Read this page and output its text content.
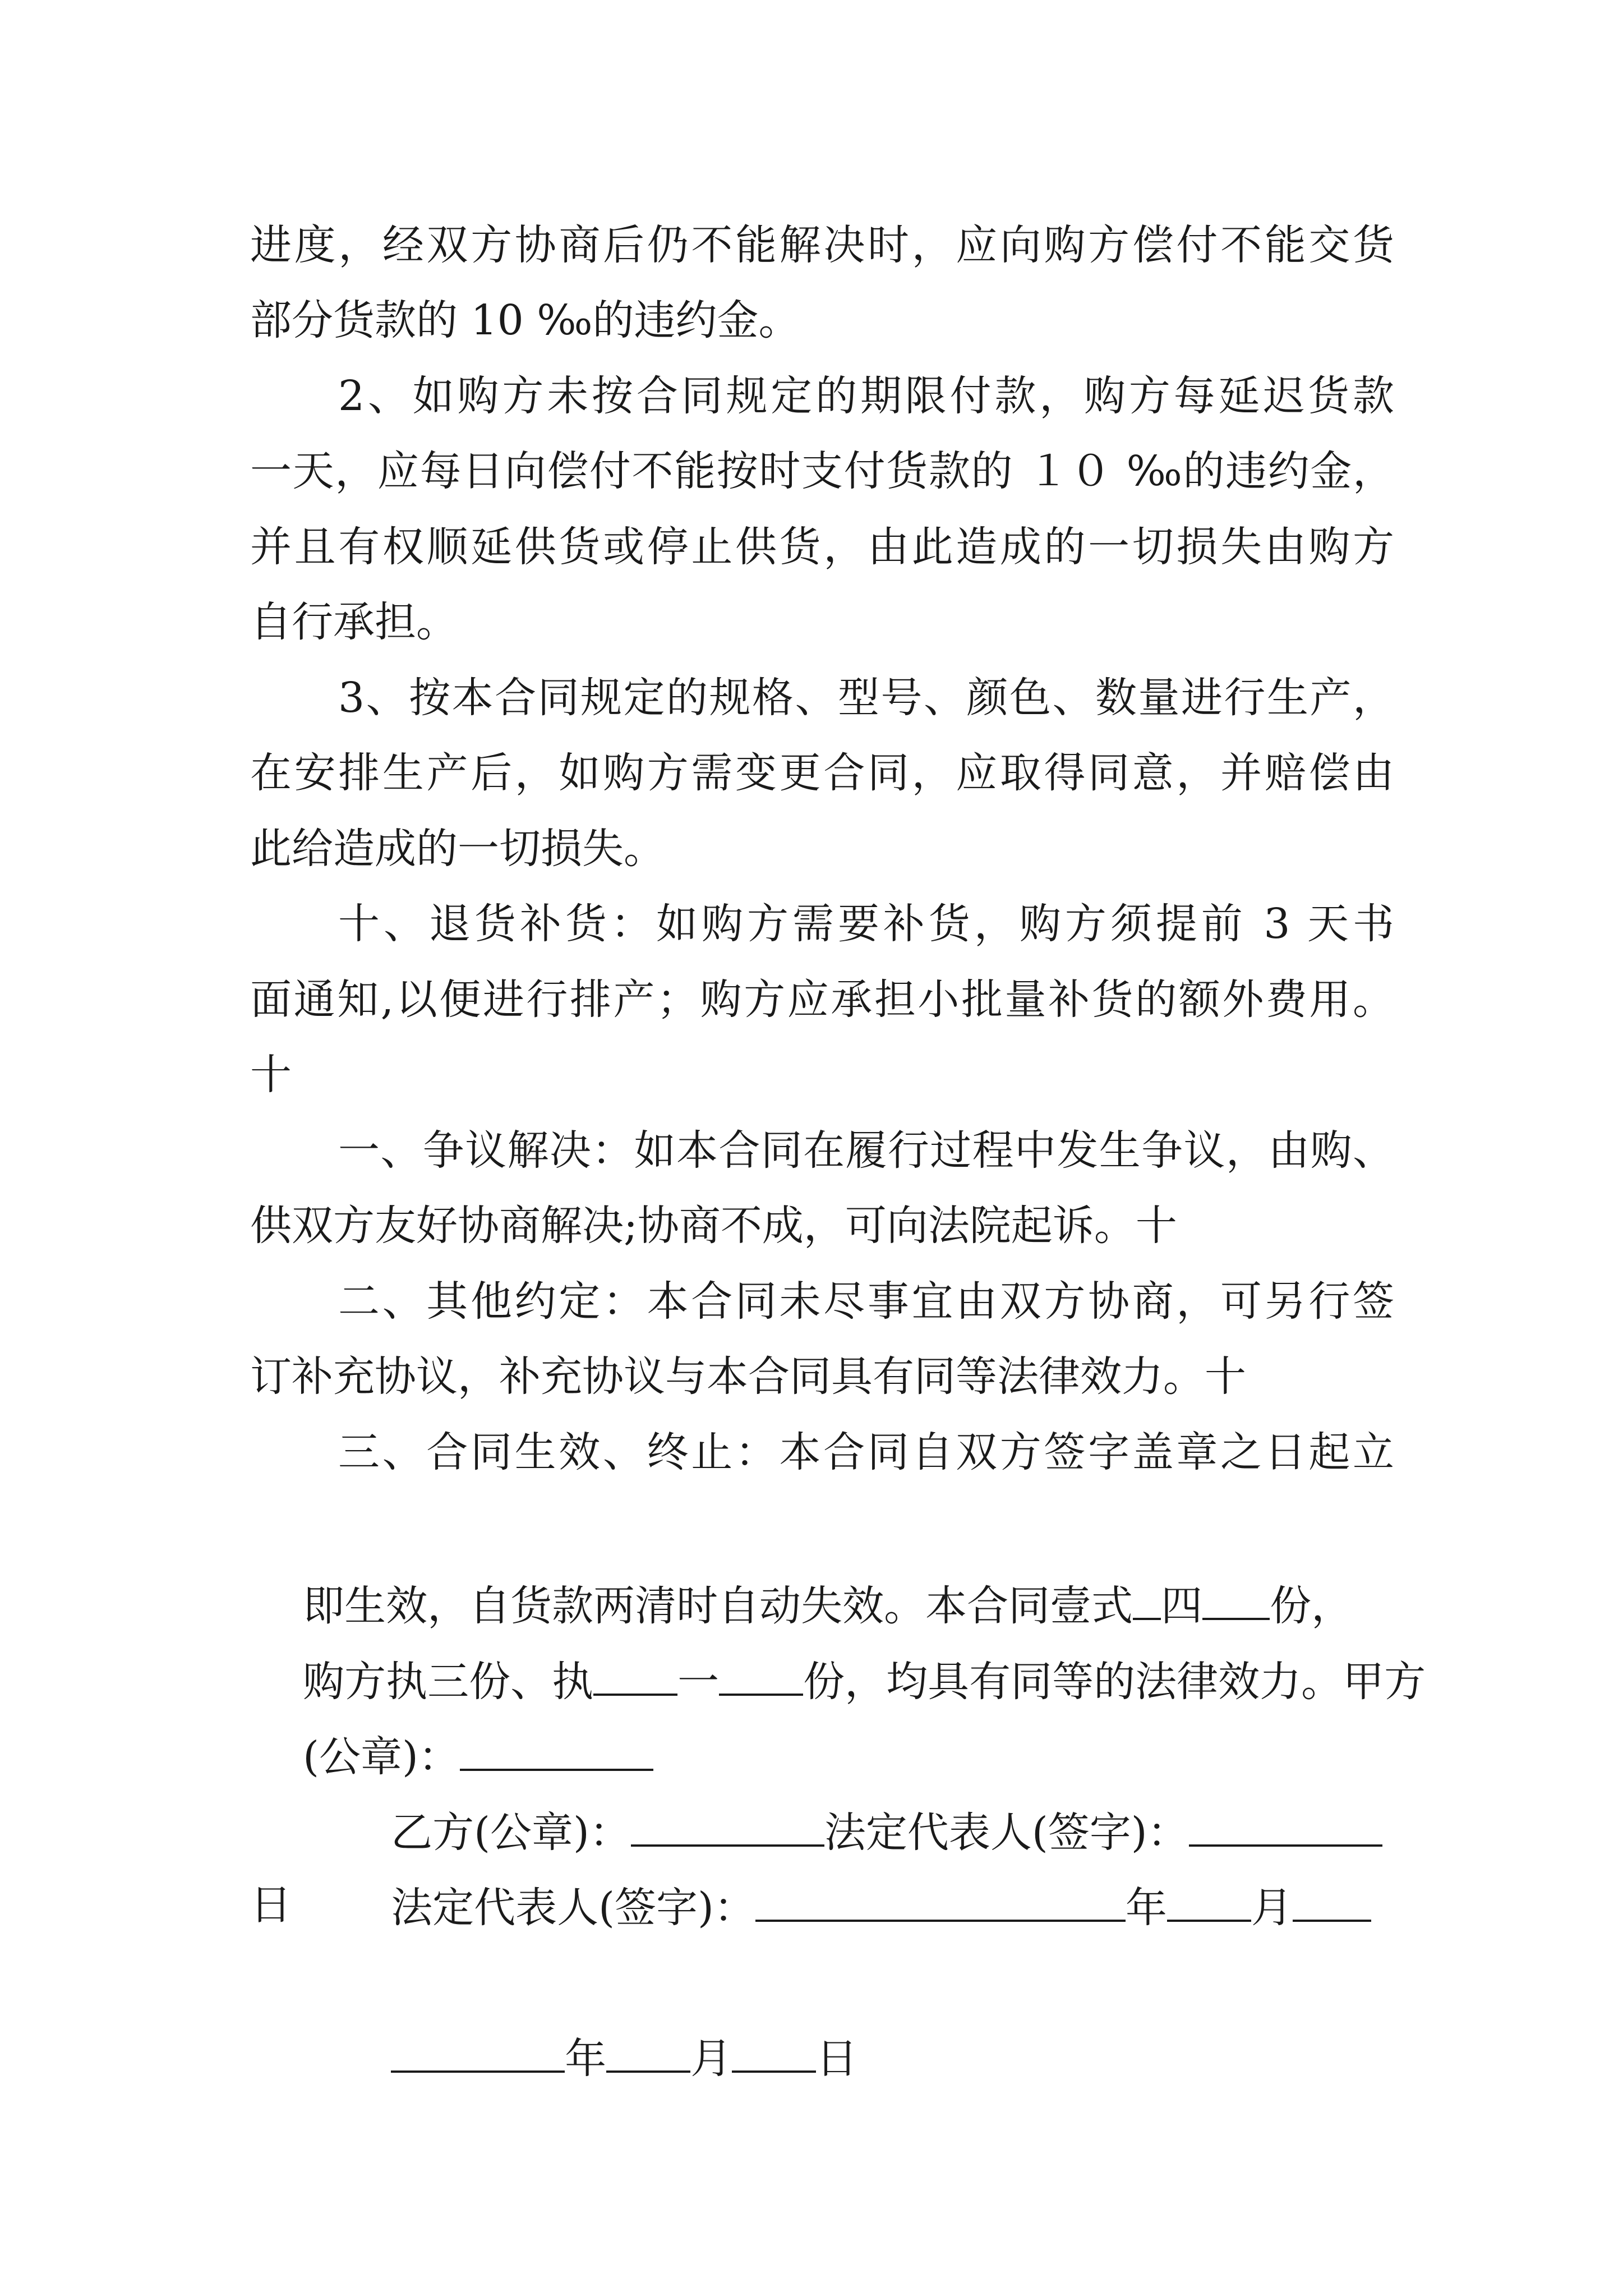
进度，经双方协商后仍不能解决时，应向购方偿付不能交货
部分货款的 10 ‰的违约金。
2、如购方未按合同规定的期限付款，购方每延迟货款
一天，应每日向偿付不能按时支付货款的 １０ ‰的违约金，
并且有权顺延供货或停止供货，由此造成的一切损失由购方
自行承担。
3、按本合同规定的规格、型号、颜色、数量进行生产，
在安排生产后，如购方需变更合同，应取得同意，并赔偿由
此给造成的一切损失。
十、退货补货：如购方需要补货，购方须提前 3 天书
面通知,以便进行排产；购方应承担小批量补货的额外费用。
十
一、争议解决：如本合同在履行过程中发生争议，由购、
供双方友好协商解决;协商不成，可向法院起诉。十
二、其他约定：本合同未尽事宜由双方协商，可另行签
订补充协议，补充协议与本合同具有同等法律效力。十
三、合同生效、终止：本合同自双方签字盖章之日起立

即生效，自货款两清时自动失效。本合同壹式 四 份，

购方执三份、执 一 份，均具有同等的法律效力。甲方

(公章)：

乙方(公章)：	法定代表人(签字)：

法定代表人(签字)：	年 月

日

年 月 日
